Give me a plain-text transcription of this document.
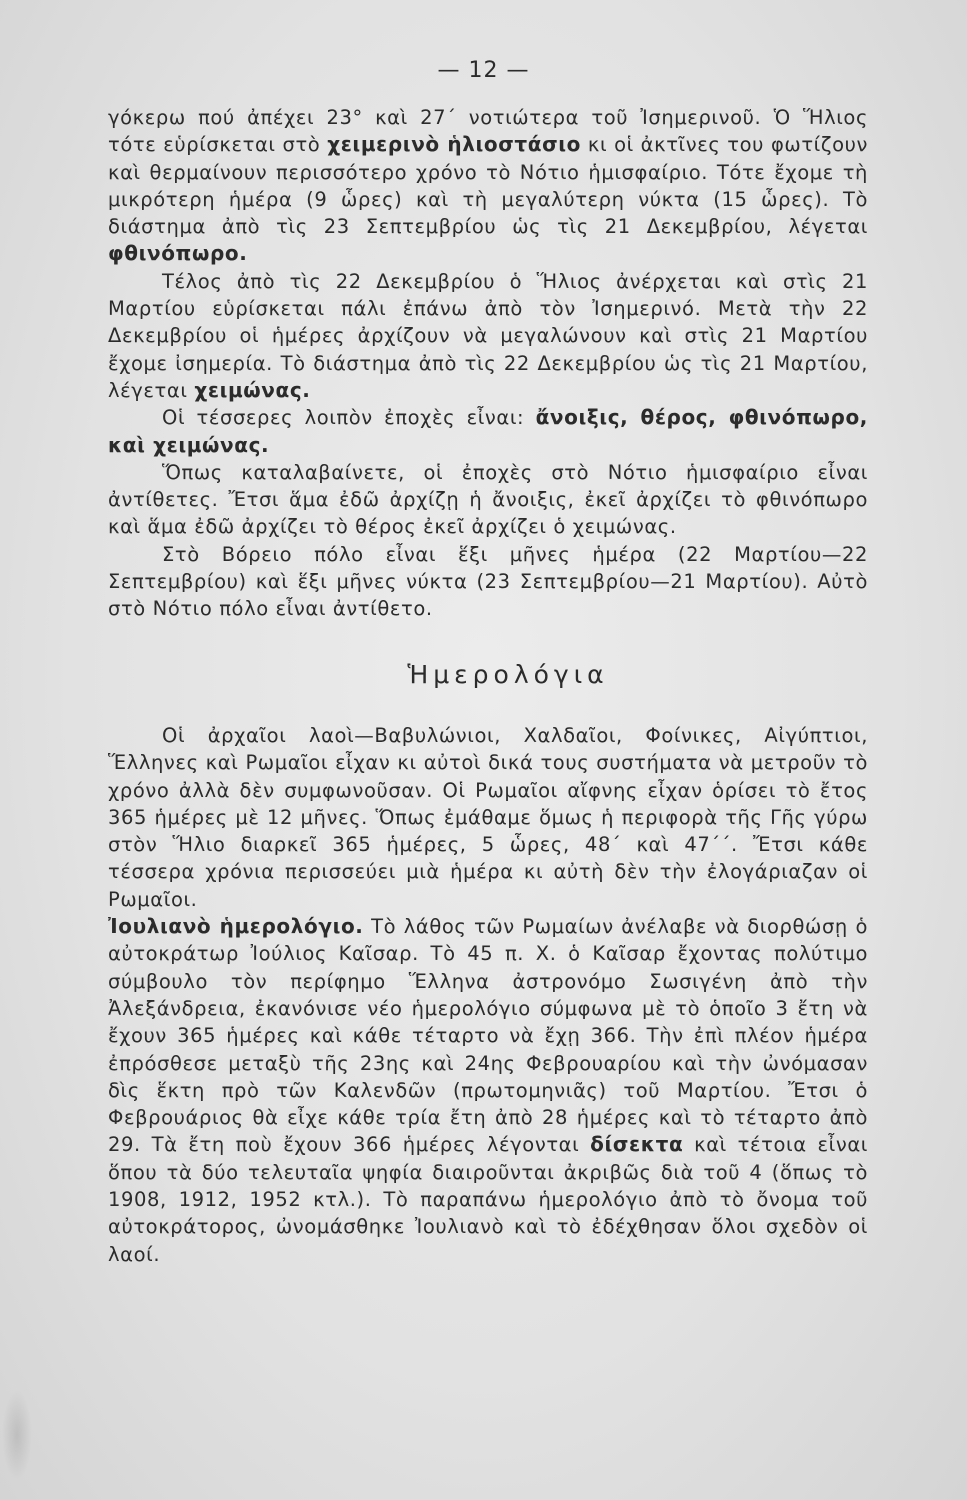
— 12 —

γόκερω πού ἀπέχει 23° καὶ 27΄ νοτιώτερα τοῦ Ἰσημερινοῦ. Ὁ Ἥλιος τότε εὑρίσκεται στὸ χειμερινὸ ἡλιοστάσιο κι οἱ ἀκτῖνες του φωτίζουν καὶ θερμαίνουν περισσότερο χρόνο τὸ Νότιο ἡμισφαίριο. Τότε ἔχομε τὴ μικρότερη ἡμέρα (9 ὧρες) καὶ τὴ μεγαλύτερη νύκτα (15 ὧρες). Τὸ διάστημα ἀπὸ τὶς 23 Σεπτεμβρίου ὡς τὶς 21 Δεκεμβρίου, λέγεται φθινόπωρο.

Τέλος ἀπὸ τὶς 22 Δεκεμβρίου ὁ Ἥλιος ἀνέρχεται καὶ στὶς 21 Μαρτίου εὑρίσκεται πάλι ἐπάνω ἀπὸ τὸν Ἰσημερινό. Μετὰ τὴν 22 Δεκεμβρίου οἱ ἡμέρες ἀρχίζουν νὰ μεγαλώνουν καὶ στὶς 21 Μαρτίου ἔχομε ἰσημερία. Τὸ διάστημα ἀπὸ τὶς 22 Δεκεμβρίου ὡς τὶς 21 Μαρτίου, λέγεται χειμώνας.

Οἱ τέσσερες λοιπὸν ἐποχὲς εἶναι: ἄνοιξις, θέρος, φθινόπωρο, καὶ χειμώνας.

Ὅπως καταλαβαίνετε, οἱ ἐποχὲς στὸ Νότιο ἡμισφαίριο εἶναι ἀντίθετες. Ἔτσι ἅμα ἐδῶ ἀρχίζῃ ἡ ἄνοιξις, ἐκεῖ ἀρχίζει τὸ φθινόπωρο καὶ ἅμα ἐδῶ ἀρχίζει τὸ θέρος ἐκεῖ ἀρχίζει ὁ χειμώνας.

Στὸ Βόρειο πόλο εἶναι ἕξι μῆνες ἡμέρα (22 Μαρτίου—22 Σεπτεμβρίου) καὶ ἕξι μῆνες νύκτα (23 Σεπτεμβρίου—21 Μαρτίου). Αὐτὸ στὸ Νότιο πόλο εἶναι ἀντίθετο.

Ἡμερολόγια

Οἱ ἀρχαῖοι λαοὶ—Βαβυλώνιοι, Χαλδαῖοι, Φοίνικες, Αἰγύπτιοι, Ἕλληνες καὶ Ρωμαῖοι εἶχαν κι αὐτοὶ δικά τους συστήματα νὰ μετροῦν τὸ χρόνο ἀλλὰ δὲν συμφωνοῦσαν. Οἱ Ρωμαῖοι αἴφνης εἶχαν ὁρίσει τὸ ἔτος 365 ἡμέρες μὲ 12 μῆνες. Ὅπως ἐμάθαμε ὅμως ἡ περιφορὰ τῆς Γῆς γύρω στὸν Ἥλιο διαρκεῖ 365 ἡμέρες, 5 ὧρες, 48΄ καὶ 47΄΄. Ἔτσι κάθε τέσσερα χρόνια περισσεύει μιὰ ἡμέρα κι αὐτὴ δὲν τὴν ἐλογάριαζαν οἱ Ρωμαῖοι.

Ἰουλιανὸ ἡμερολόγιο. Τὸ λάθος τῶν Ρωμαίων ἀνέλαβε νὰ διορθώσῃ ὁ αὐτοκράτωρ Ἰούλιος Καῖσαρ. Τὸ 45 π. Χ. ὁ Καῖσαρ ἔχοντας πολύτιμο σύμβουλο τὸν περίφημο Ἕλληνα ἀστρονόμο Σωσιγένη ἀπὸ τὴν Ἀλεξάνδρεια, ἐκανόνισε νέο ἡμερολόγιο σύμφωνα μὲ τὸ ὁποῖο 3 ἔτη νὰ ἔχουν 365 ἡμέρες καὶ κάθε τέταρτο νὰ ἔχῃ 366. Τὴν ἐπὶ πλέον ἡμέρα ἐπρόσθεσε μεταξὺ τῆς 23ης καὶ 24ης Φεβρουαρίου καὶ τὴν ὠνόμασαν δὶς ἕκτη πρὸ τῶν Καλενδῶν (πρωτομηνιᾶς) τοῦ Μαρτίου. Ἔτσι ὁ Φεβρουάριος θὰ εἶχε κάθε τρία ἔτη ἀπὸ 28 ἡμέρες καὶ τὸ τέταρτο ἀπὸ 29. Τὰ ἔτη ποὺ ἔχουν 366 ἡμέρες λέγονται δίσεκτα καὶ τέτοια εἶναι ὅπου τὰ δύο τελευταῖα ψηφία διαιροῦνται ἀκριβῶς διὰ τοῦ 4 (ὅπως τὸ 1908, 1912, 1952 κτλ.). Τὸ παραπάνω ἡμερολόγιο ἀπὸ τὸ ὄνομα τοῦ αὐτοκράτορος, ὠνομάσθηκε Ἰουλιανὸ καὶ τὸ ἐδέχθησαν ὅλοι σχεδὸν οἱ λαοί.
